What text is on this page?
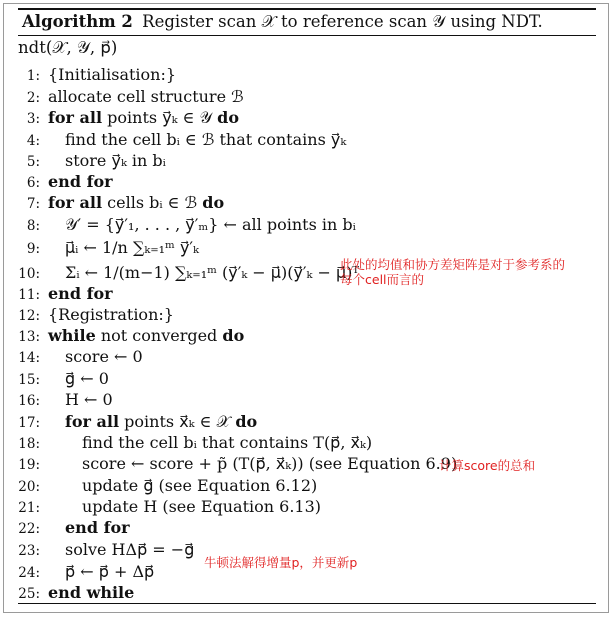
Algorithm 2 Register scan 𝒳 to reference scan 𝒴 using NDT.
ndt(𝒳, 𝒴, p⃗)
1: {Initialisation:}
2: allocate cell structure ℬ
3: for all points y⃗ₖ ∈ 𝒴 do
4: find the cell bᵢ ∈ ℬ that contains y⃗ₖ
5: store y⃗ₖ in bᵢ
6: end for
7: for all cells bᵢ ∈ ℬ do
8: 𝒴′ = {y⃗′₁, . . . , y⃗′ₘ} ← all points in bᵢ
9: μ⃗ᵢ ← 1/n ∑ₖ₌₁ᵐ y⃗′ₖ
10: Σᵢ ← 1/(m−1) ∑ₖ₌₁ᵐ (y⃗′ₖ − μ⃗)(y⃗′ₖ − μ⃗)ᵀ
11: end for
12: {Registration:}
13: while not converged do
14: score ← 0
15: g⃗ ← 0
16: H ← 0
17: for all points x⃗ₖ ∈ 𝒳 do
18:	find the cell bᵢ that contains T(p⃗, x⃗ₖ)
19:	score ← score + p̃ (T(p⃗, x⃗ₖ)) (see Equation 6.9)
20:	update g⃗ (see Equation 6.12)
21:	update H (see Equation 6.13)
22: end for
23: solve HΔp⃗ = −g⃗
24: p⃗ ← p⃗ + Δp⃗
25: end while
此处的均值和协方差矩阵是对于参考系的
每个cell而言的
计算score的总和
牛顿法解得增量p，并更新p
